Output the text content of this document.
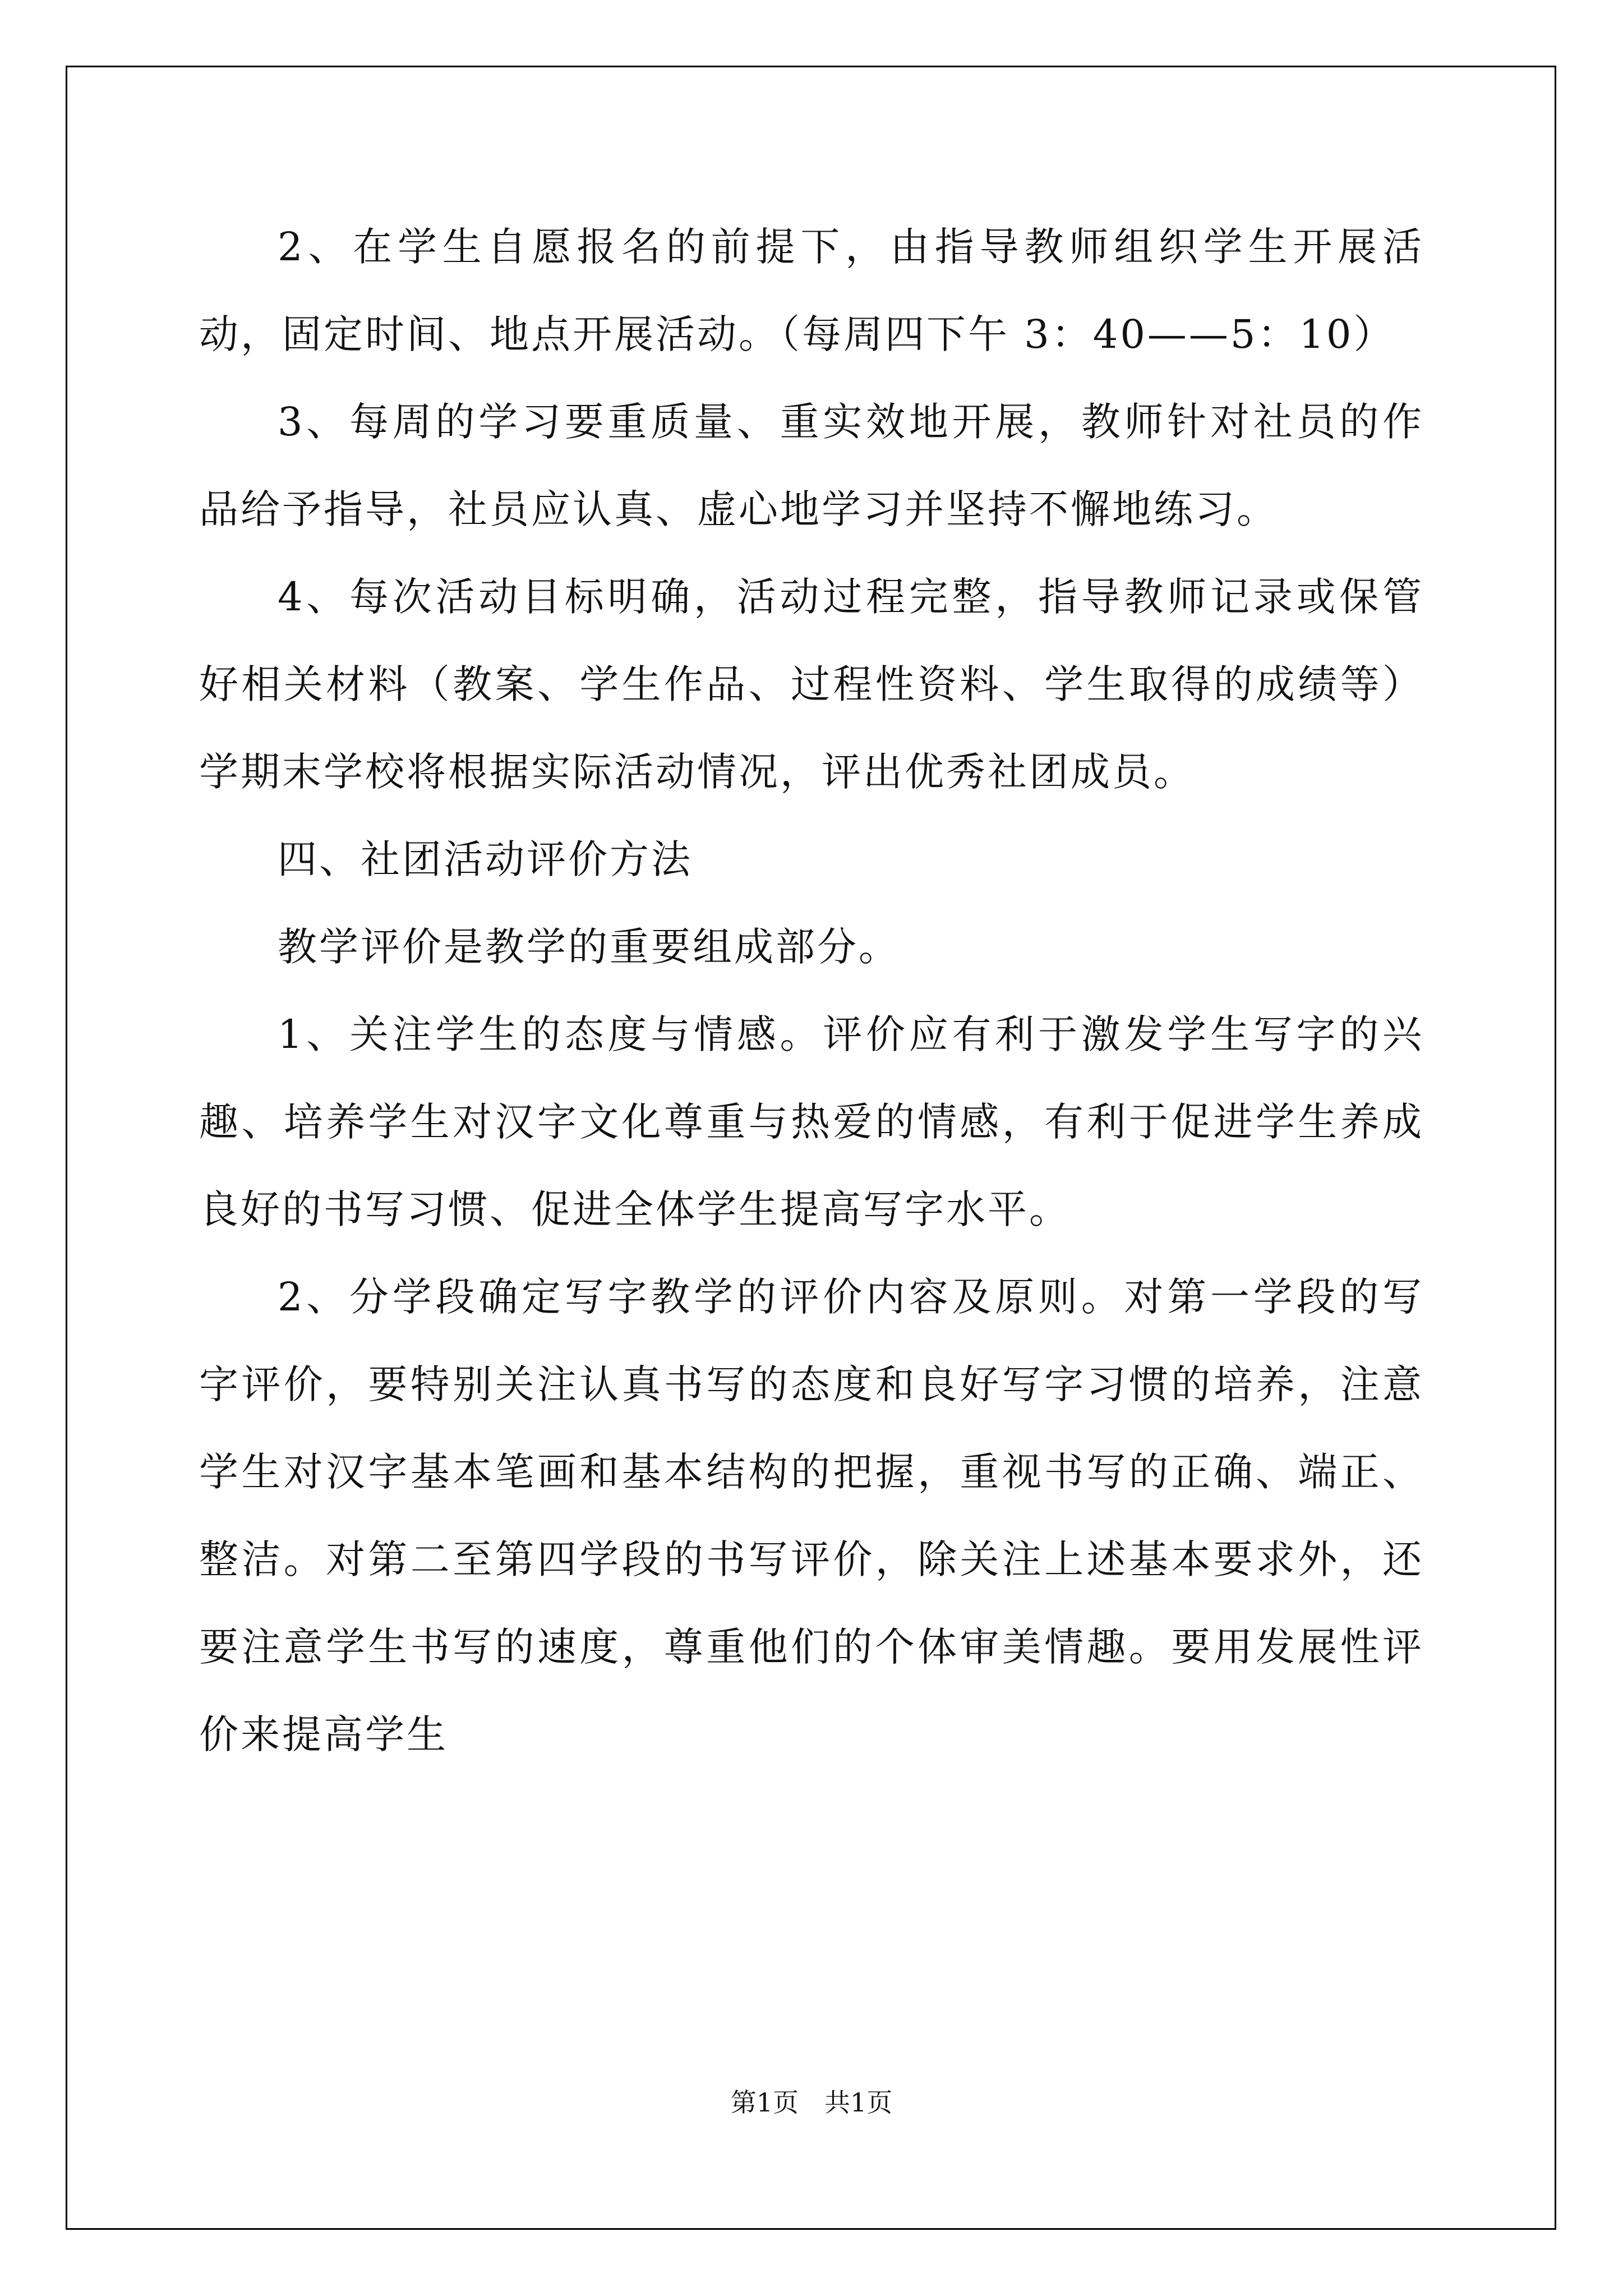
2、在学生自愿报名的前提下，由指导教师组织学生开展活动，固定时间、地点开展活动。（每周四下午 3：40——5：10）

3、每周的学习要重质量、重实效地开展，教师针对社员的作品给予指导，社员应认真、虚心地学习并坚持不懈地练习。

4、每次活动目标明确，活动过程完整，指导教师记录或保管好相关材料（教案、学生作品、过程性资料、学生取得的成绩等）学期末学校将根据实际活动情况，评出优秀社团成员。

四、社团活动评价方法

教学评价是教学的重要组成部分。

1、关注学生的态度与情感。评价应有利于激发学生写字的兴趣、培养学生对汉字文化尊重与热爱的情感，有利于促进学生养成良好的书写习惯、促进全体学生提高写字水平。

2、分学段确定写字教学的评价内容及原则。对第一学段的写字评价，要特别关注认真书写的态度和良好写字习惯的培养，注意学生对汉字基本笔画和基本结构的把握，重视书写的正确、端正、整洁。对第二至第四学段的书写评价，除关注上述基本要求外，还要注意学生书写的速度，尊重他们的个体审美情趣。要用发展性评价来提高学生

第1页　共1页
